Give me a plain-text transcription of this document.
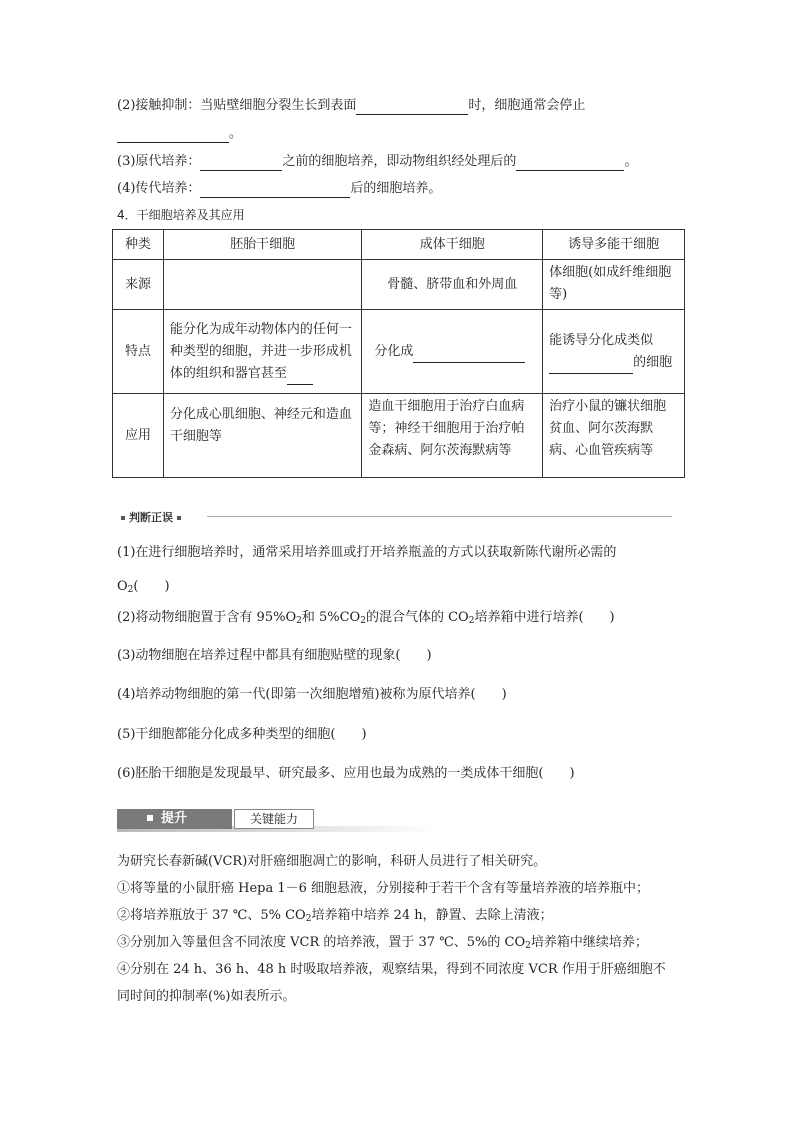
(2)接触抑制：当贴壁细胞分裂生长到表面	时，细胞通常会停止
。
(3)原代培养：	之前的细胞培养，即动物组织经处理后的	。
(4)传代培养：	后的细胞培养。
4．干细胞培养及其应用
种类	胚胎干细胞	成体干细胞	诱导多能干细胞
来源		骨髓、脐带血和外周血	体细胞(如成纤维细胞等)
特点	能分化为成年动物体内的任何一种类型的细胞，并进一步形成机体的组织和器官甚至	分化成	能诱导分化成类似
的细胞
应用	分化成心肌细胞、神经元和造血干细胞等	造血干细胞用于治疗白血病等；神经干细胞用于治疗帕金森病、阿尔茨海默病等	治疗小鼠的镰状细胞贫血、阿尔茨海默病、心血管疾病等
判断正误
(1)在进行细胞培养时，通常采用培养皿或打开培养瓶盖的方式以获取新陈代谢所必需的
$O_2$(　　)
(2)将动物细胞置于含有 $95\%O_2$和 $5\%CO_2$的混合气体的 $CO_2$培养箱中进行培养(　　)
(3)动物细胞在培养过程中都具有细胞贴壁的现象(　　)
(4)培养动物细胞的第一代(即第一次细胞增殖)被称为原代培养(　　)
(5)干细胞都能分化成多种类型的细胞(　　)
(6)胚胎干细胞是发现最早、研究最多、应用也最为成熟的一类成体干细胞(　　)
提升	关键能力
为研究长春新碱(VCR)对肝癌细胞凋亡的影响，科研人员进行了相关研究。
①将等量的小鼠肝癌 Hepa 1－6 细胞悬液，分别接种于若干个含有等量培养液的培养瓶中；
②将培养瓶放于 37 ℃、5% $CO_2$培养箱中培养 24 h，静置、去除上清液；
③分别加入等量但含不同浓度 VCR 的培养液，置于 37 ℃、5%的 $CO_2$培养箱中继续培养；
④分别在 24 h、36 h、48 h 时吸取培养液，观察结果，得到不同浓度 VCR 作用于肝癌细胞不
同时间的抑制率(%)如表所示。
